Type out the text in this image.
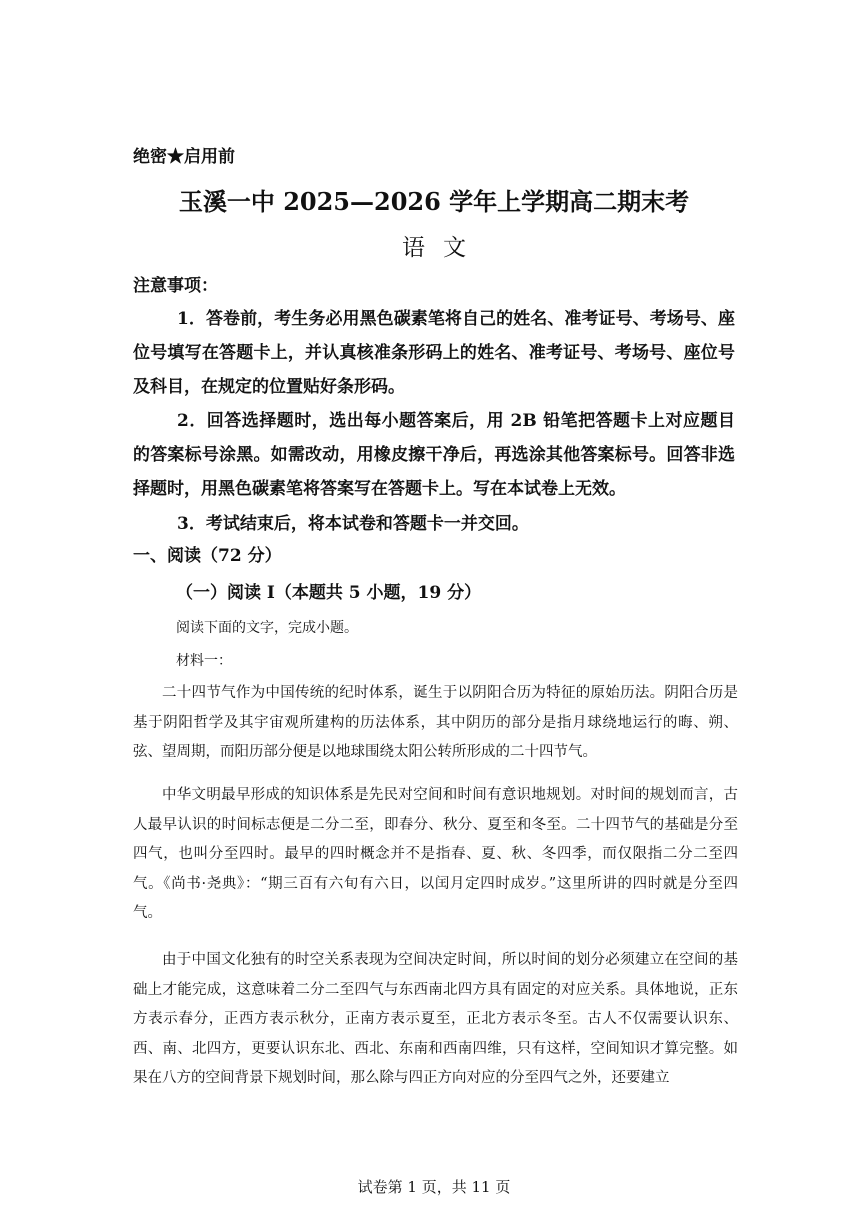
绝密★启用前
玉溪一中 2025—2026 学年上学期高二期末考
语文
注意事项：

1．答卷前，考生务必用黑色碳素笔将自己的姓名、准考证号、考场号、座位号填写在答题卡上，并认真核准条形码上的姓名、准考证号、考场号、座位号及科目，在规定的位置贴好条形码。

2．回答选择题时，选出每小题答案后，用 2B 铅笔把答题卡上对应题目的答案标号涂黑。如需改动，用橡皮擦干净后，再选涂其他答案标号。回答非选择题时，用黑色碳素笔将答案写在答题卡上。写在本试卷上无效。

3．考试结束后，将本试卷和答题卡一并交回。

一、阅读（72 分）
（一）阅读 I（本题共 5 小题，19 分）
阅读下面的文字，完成小题。
材料一：

二十四节气作为中国传统的纪时体系，诞生于以阴阳合历为特征的原始历法。阴阳合历是基于阴阳哲学及其宇宙观所建构的历法体系，其中阴历的部分是指月球绕地运行的晦、朔、弦、望周期，而阳历部分便是以地球围绕太阳公转所形成的二十四节气。

中华文明最早形成的知识体系是先民对空间和时间有意识地规划。对时间的规划而言，古人最早认识的时间标志便是二分二至，即春分、秋分、夏至和冬至。二十四节气的基础是分至四气，也叫分至四时。最早的四时概念并不是指春、夏、秋、冬四季，而仅限指二分二至四气。《尚书·尧典》：“期三百有六旬有六日，以闰月定四时成岁。”这里所讲的四时就是分至四气。

由于中国文化独有的时空关系表现为空间决定时间，所以时间的划分必须建立在空间的基础上才能完成，这意味着二分二至四气与东西南北四方具有固定的对应关系。具体地说，正东方表示春分，正西方表示秋分，正南方表示夏至，正北方表示冬至。古人不仅需要认识东、西、南、北四方，更要认识东北、西北、东南和西南四维，只有这样，空间知识才算完整。如果在八方的空间背景下规划时间，那么除与四正方向对应的分至四气之外，还要建立

试卷第 1 页，共 11 页
